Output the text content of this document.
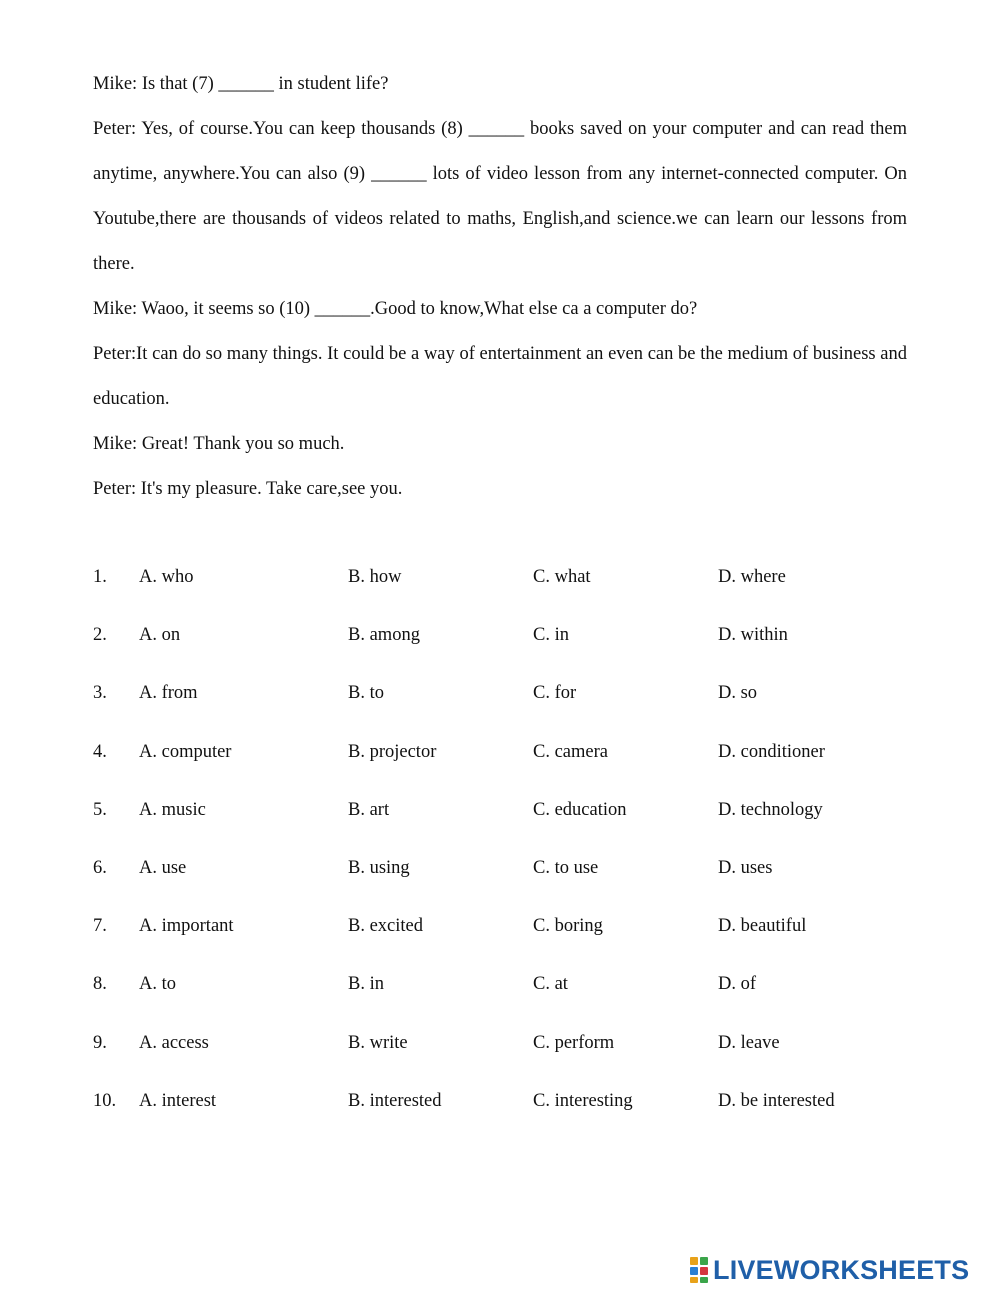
Mike: Is that (7) ______ in student life?

Peter: Yes, of course.You can keep thousands (8) ______ books saved on your computer and can read them anytime, anywhere.You can also (9) ______ lots of video lesson from any internet-connected computer. On Youtube,there are thousands of videos related to maths, English,and science.we can learn our lessons from there.

Mike: Waoo, it seems so (10) ______.Good to know,What else ca a computer do?

Peter:It can do so many things. It could be a way of entertainment an even can be the medium of business and education.

Mike: Great! Thank you so much.

Peter: It's my pleasure. Take care,see you.

1. A. who	B. how	C. what	D. where
2. A. on	B. among	C. in	D. within
3. A. from	B. to	C. for	D. so
4. A. computer	B. projector	C. camera	D. conditioner
5. A. music	B. art	C. education	D. technology
6. A. use	B. using	C. to use	D. uses
7. A. important	B. excited	C. boring	D. beautiful
8. A. to	B. in	C. at	D. of
9. A. access	B. write	C. perform	D. leave
10. A. interest	B. interested	C. interesting	D. be interested
LIVEWORKSHEETS
